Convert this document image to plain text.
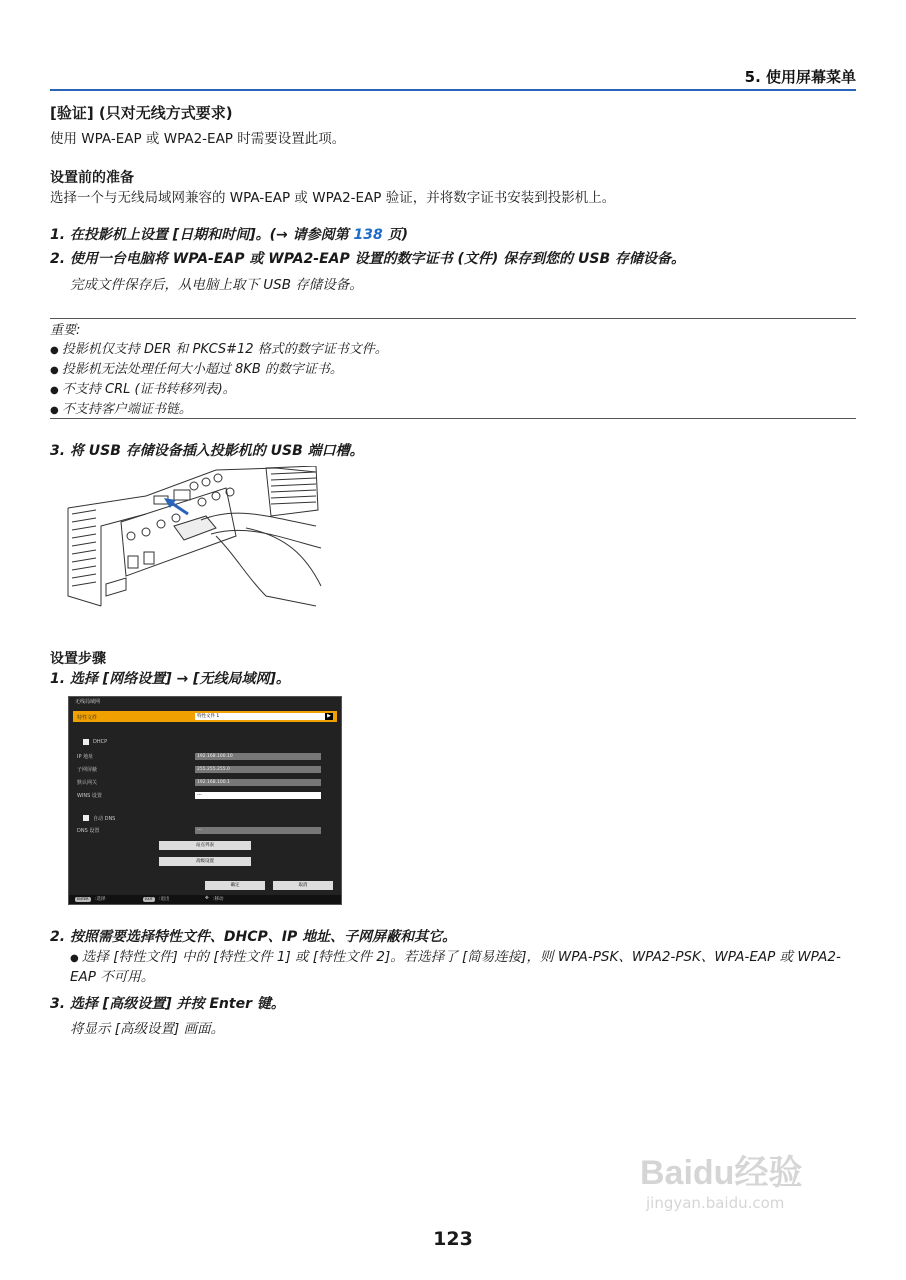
5. 使用屏幕菜单
[验证] (只对无线方式要求)
使用 WPA-EAP 或 WPA2-EAP 时需要设置此项。
设置前的准备
选择一个与无线局域网兼容的 WPA-EAP 或 WPA2-EAP 验证，并将数字证书安装到投影机上。
1. 在投影机上设置 [日期和时间]。(→ 请参阅第 138 页)
2. 使用一台电脑将 WPA-EAP 或 WPA2-EAP 设置的数字证书 (文件) 保存到您的 USB 存储设备。
完成文件保存后，从电脑上取下 USB 存储设备。
重要:
● 投影机仅支持 DER 和 PKCS#12 格式的数字证书文件。
● 投影机无法处理任何大小超过 8KB 的数字证书。
● 不支持 CRL (证书转移列表)。
● 不支持客户端证书链。
3. 将 USB 存储设备插入投影机的 USB 端口槽。
设置步骤
1. 选择 [网络设置] → [无线局域网]。
无线局域网
特性文件	特性文件 1	▶
DHCP
IP 地址	192.168.100.10
子网屏蔽	255.255.255.0
默认网关	192.168.100.1
WINS 设置	---
自动 DNS
DNS 设置	---
站点列表
高级设置
确定	取消
ENTER	:选择	EXIT	:退出	✥ :移动
2. 按照需要选择特性文件、DHCP、IP 地址、子网屏蔽和其它。
● 选择 [特性文件] 中的 [特性文件 1] 或 [特性文件 2]。若选择了 [简易连接]，则 WPA-PSK、WPA2-PSK、WPA-EAP 或 WPA2-EAP 不可用。
3. 选择 [高级设置] 并按 Enter 键。
将显示 [高级设置] 画面。
123
Baidu经验
jingyan.baidu.com
